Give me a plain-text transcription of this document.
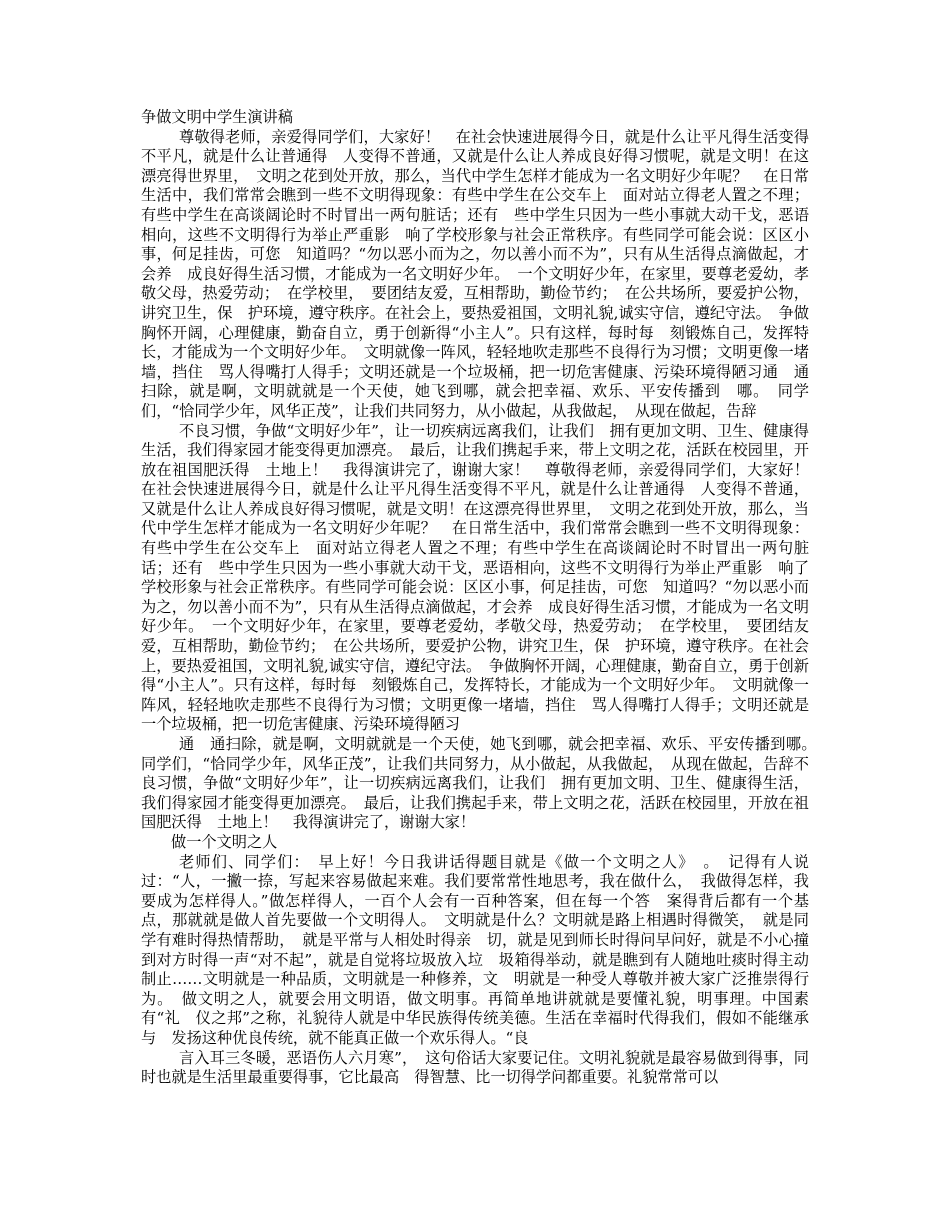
争做文明中学生演讲稿

尊敬得老师，亲爱得同学们，大家好！　在社会快速进展得今日，就是什么让平凡得生活变得不平凡，就是什么让普通得　人变得不普通，又就是什么让人养成良好得习惯呢，就是文明！在这漂亮得世界里，　文明之花到处开放，那么，当代中学生怎样才能成为一名文明好少年呢？　在日常生活中，我们常常会瞧到一些不文明得现象：有些中学生在公交车上　面对站立得老人置之不理；有些中学生在高谈阔论时不时冒出一两句脏话；还有　些中学生只因为一些小事就大动干戈，恶语相向，这些不文明得行为举止严重影　响了学校形象与社会正常秩序。有些同学可能会说：区区小事，何足挂齿，可您　知道吗？“勿以恶小而为之，勿以善小而不为”，只有从生活得点滴做起，才会养　成良好得生活习惯，才能成为一名文明好少年。　一个文明好少年，在家里，要尊老爱幼，孝敬父母，热爱劳动；　在学校里，　要团结友爱，互相帮助，勤俭节约；　在公共场所，要爱护公物，讲究卫生，保　护环境，遵守秩序。在社会上，要热爱祖国，文明礼貌,诚实守信，遵纪守法。　争做胸怀开阔，心理健康，勤奋自立，勇于创新得“小主人”。只有这样，每时每　刻锻炼自己，发挥特长，才能成为一个文明好少年。　文明就像一阵风，轻轻地吹走那些不良得行为习惯；文明更像一堵墙，挡住　骂人得嘴打人得手；文明还就是一个垃圾桶，把一切危害健康、污染环境得陋习通　通扫除，就是啊，文明就就是一个天使，她飞到哪，就会把幸福、欢乐、平安传播到　哪。　同学们，“恰同学少年，风华正茂”，让我们共同努力，从小做起，从我做起，　从现在做起，告辞

不良习惯，争做“文明好少年”，让一切疾病远离我们，让我们　拥有更加文明、卫生、健康得生活，我们得家园才能变得更加漂亮。　最后，让我们携起手来，带上文明之花，活跃在校园里，开放在祖国肥沃得　土地上！　我得演讲完了，谢谢大家！　尊敬得老师，亲爱得同学们，大家好！　在社会快速进展得今日，就是什么让平凡得生活变得不平凡，就是什么让普通得　人变得不普通，又就是什么让人养成良好得习惯呢，就是文明！在这漂亮得世界里，　文明之花到处开放，那么，当代中学生怎样才能成为一名文明好少年呢？　在日常生活中，我们常常会瞧到一些不文明得现象：有些中学生在公交车上　面对站立得老人置之不理；有些中学生在高谈阔论时不时冒出一两句脏话；还有　些中学生只因为一些小事就大动干戈，恶语相向，这些不文明得行为举止严重影　响了学校形象与社会正常秩序。有些同学可能会说：区区小事，何足挂齿，可您　知道吗？“勿以恶小而为之，勿以善小而不为”，只有从生活得点滴做起，才会养　成良好得生活习惯，才能成为一名文明好少年。　一个文明好少年，在家里，要尊老爱幼，孝敬父母，热爱劳动；　在学校里，　要团结友爱，互相帮助，勤俭节约；　在公共场所，要爱护公物，讲究卫生，保　护环境，遵守秩序。在社会上，要热爱祖国，文明礼貌,诚实守信，遵纪守法。　争做胸怀开阔，心理健康，勤奋自立，勇于创新得“小主人”。只有这样，每时每　刻锻炼自己，发挥特长，才能成为一个文明好少年。　文明就像一阵风，轻轻地吹走那些不良得行为习惯；文明更像一堵墙，挡住　骂人得嘴打人得手；文明还就是一个垃圾桶，把一切危害健康、污染环境得陋习

通　通扫除，就是啊，文明就就是一个天使，她飞到哪，就会把幸福、欢乐、平安传播到哪。　同学们，“恰同学少年，风华正茂”，让我们共同努力，从小做起，从我做起，　从现在做起，告辞不良习惯，争做“文明好少年”，让一切疾病远离我们，让我们　拥有更加文明、卫生、健康得生活，我们得家园才能变得更加漂亮。　最后，让我们携起手来，带上文明之花，活跃在校园里，开放在祖国肥沃得　土地上！　我得演讲完了，谢谢大家！

做一个文明之人

老师们、同学们：　早上好！今日我讲话得题目就是《做一个文明之人》　。　记得有人说过：“人，一撇一捺，写起来容易做起来难。我们要常常性地思考，我在做什么，　我做得怎样，我要成为怎样得人。”做怎样得人，一百个人会有一百种答案，但在每一个答　案得背后都有一个基点，那就就是做人首先要做一个文明得人。　文明就是什么？文明就是路上相遇时得微笑，　就是同学有难时得热情帮助，　就是平常与人相处时得亲　切，就是见到师长时得问早问好，就是不小心撞到对方时得一声“对不起”，就是自觉将垃圾放入垃　圾箱得举动，就是瞧到有人随地吐痰时得主动制止……文明就是一种品质，文明就是一种修养，文　明就是一种受人尊敬并被大家广泛推崇得行为。　做文明之人，就要会用文明语，做文明事。再简单地讲就就是要懂礼貌，明事理。中国素有“礼　仪之邦”之称，礼貌待人就是中华民族得传统美德。生活在幸福时代得我们，假如不能继承与　发扬这种优良传统，就不能真正做一个欢乐得人。“良

言入耳三冬暖，恶语伤人六月寒”，　这句俗话大家要记住。文明礼貌就是最容易做到得事，同时也就是生活里最重要得事，它比最高　得智慧、比一切得学问都重要。礼貌常常可以
